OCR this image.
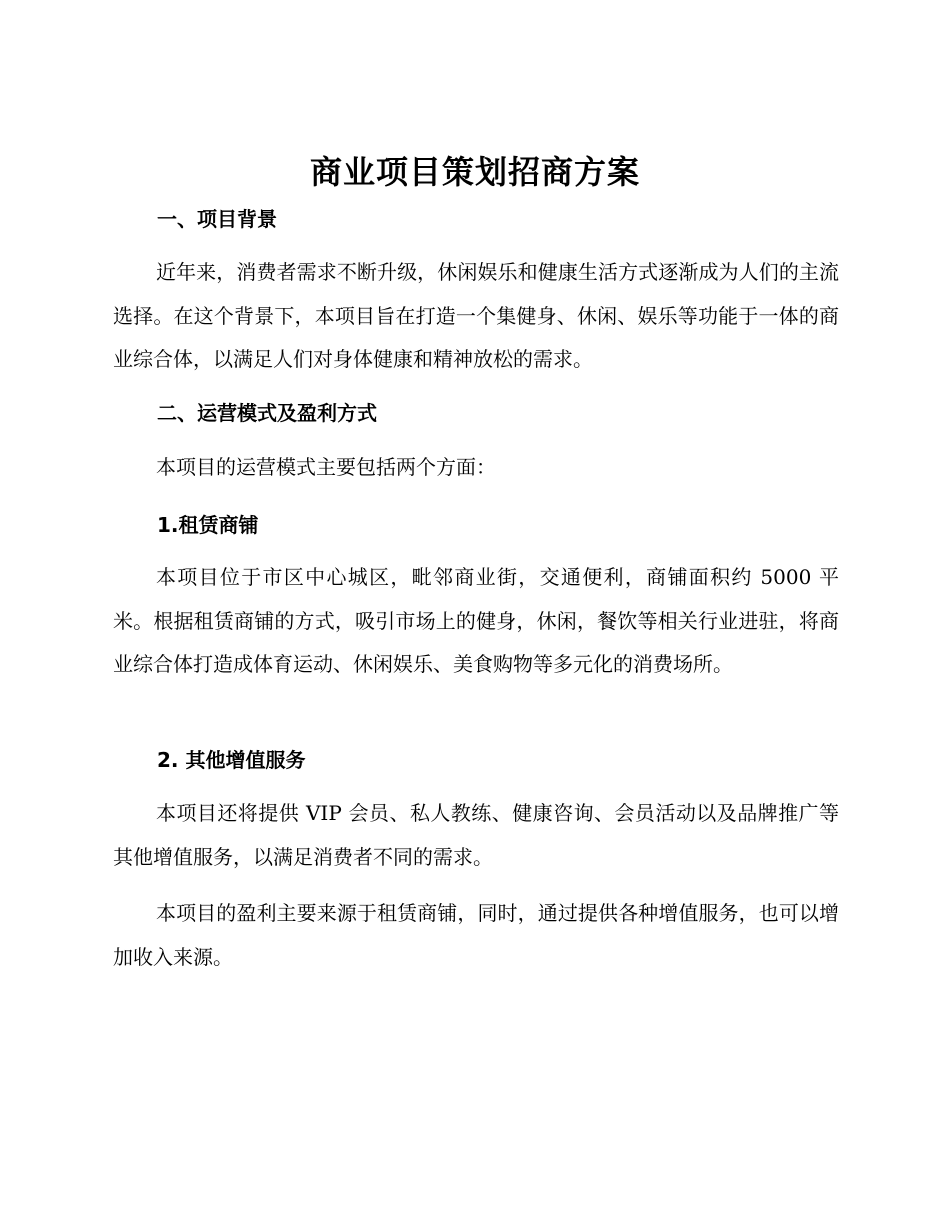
商业项目策划招商方案
一、项目背景

近年来，消费者需求不断升级，休闲娱乐和健康生活方式逐渐成为人们的主流选择。在这个背景下，本项目旨在打造一个集健身、休闲、娱乐等功能于一体的商业综合体，以满足人们对身体健康和精神放松的需求。

二、运营模式及盈利方式

本项目的运营模式主要包括两个方面：

1.租赁商铺

本项目位于市区中心城区，毗邻商业街，交通便利，商铺面积约 5000 平米。根据租赁商铺的方式，吸引市场上的健身，休闲，餐饮等相关行业进驻，将商业综合体打造成体育运动、休闲娱乐、美食购物等多元化的消费场所。

2. 其他增值服务

本项目还将提供 VIP 会员、私人教练、健康咨询、会员活动以及品牌推广等其他增值服务，以满足消费者不同的需求。

本项目的盈利主要来源于租赁商铺，同时，通过提供各种增值服务，也可以增加收入来源。
